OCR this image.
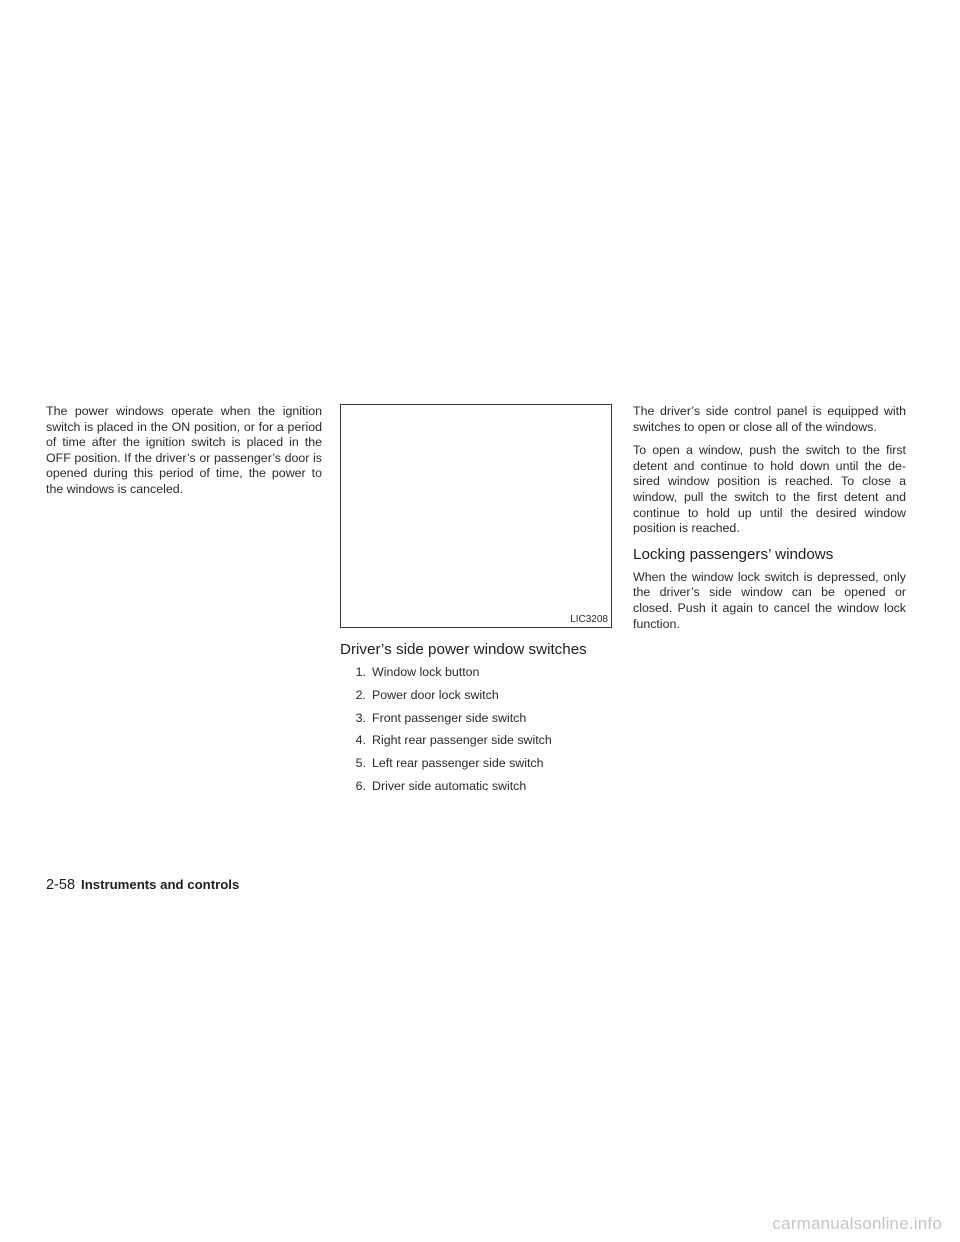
The power windows operate when the ignition switch is placed in the ON position, or for a period of time after the ignition switch is placed in the OFF position. If the driver’s or passenger’s door is opened during this period of time, the power to the windows is canceled.

LIC3208
Driver’s side power window switches
1. Window lock button
2. Power door lock switch
3. Front passenger side switch
4. Right rear passenger side switch
5. Left rear passenger side switch
6. Driver side automatic switch

The driver’s side control panel is equipped with switches to open or close all of the windows.

To open a window, push the switch to the first detent and continue to hold down until the de- sired window position is reached. To close a window, pull the switch to the first detent and continue to hold up until the desired window position is reached.

Locking passengers’ windows

When the window lock switch is depressed, only the driver’s side window can be opened or closed. Push it again to cancel the window lock function.

2-58 Instruments and controls
carmanualsonline.info
